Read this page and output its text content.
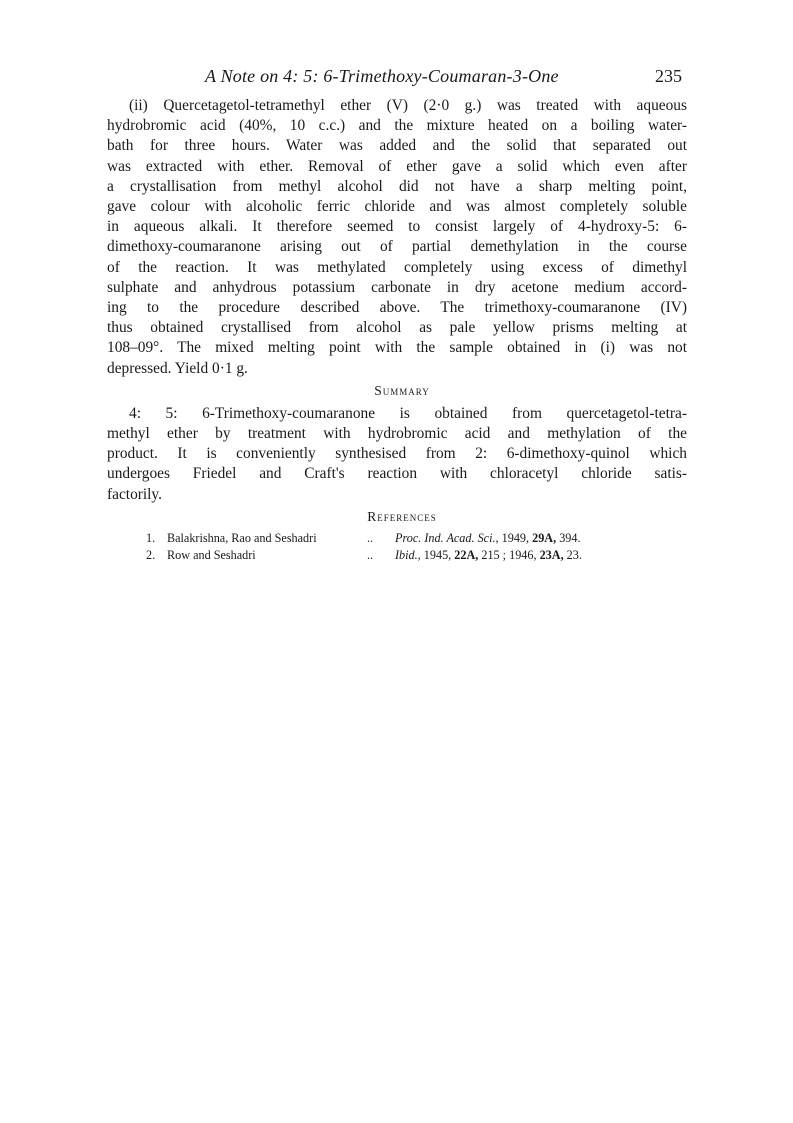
A Note on 4: 5: 6-Trimethoxy-Coumaran-3-One	235

(ii) Quercetagetol-tetramethyl ether (V) (2·0 g.) was treated with aqueous
hydrobromic acid (40%, 10 c.c.) and the mixture heated on a boiling water-
bath for three hours. Water was added and the solid that separated out
was extracted with ether. Removal of ether gave a solid which even after
a crystallisation from methyl alcohol did not have a sharp melting point,
gave colour with alcoholic ferric chloride and was almost completely soluble
in aqueous alkali. It therefore seemed to consist largely of 4-hydroxy-5: 6-
dimethoxy-coumaranone arising out of partial demethylation in the course
of the reaction. It was methylated completely using excess of dimethyl
sulphate and anhydrous potassium carbonate in dry acetone medium accord-
ing to the procedure described above. The trimethoxy-coumaranone (IV)
thus obtained crystallised from alcohol as pale yellow prisms melting at
108–09°. The mixed melting point with the sample obtained in (i) was not
depressed. Yield 0·1 g.

Summary

4: 5: 6-Trimethoxy-coumaranone is obtained from quercetagetol-tetra-
methyl ether by treatment with hydrobromic acid and methylation of the
product. It is conveniently synthesised from 2: 6-dimethoxy-quinol which
undergoes Friedel and Craft's reaction with chloracetyl chloride satis-
factorily.

References
1. Balakrishna, Rao and Seshadri	.. Proc. Ind. Acad. Sci., 1949, 29A, 394.
2. Row and Seshadri	.. Ibid., 1945, 22A, 215 ; 1946, 23A, 23.
